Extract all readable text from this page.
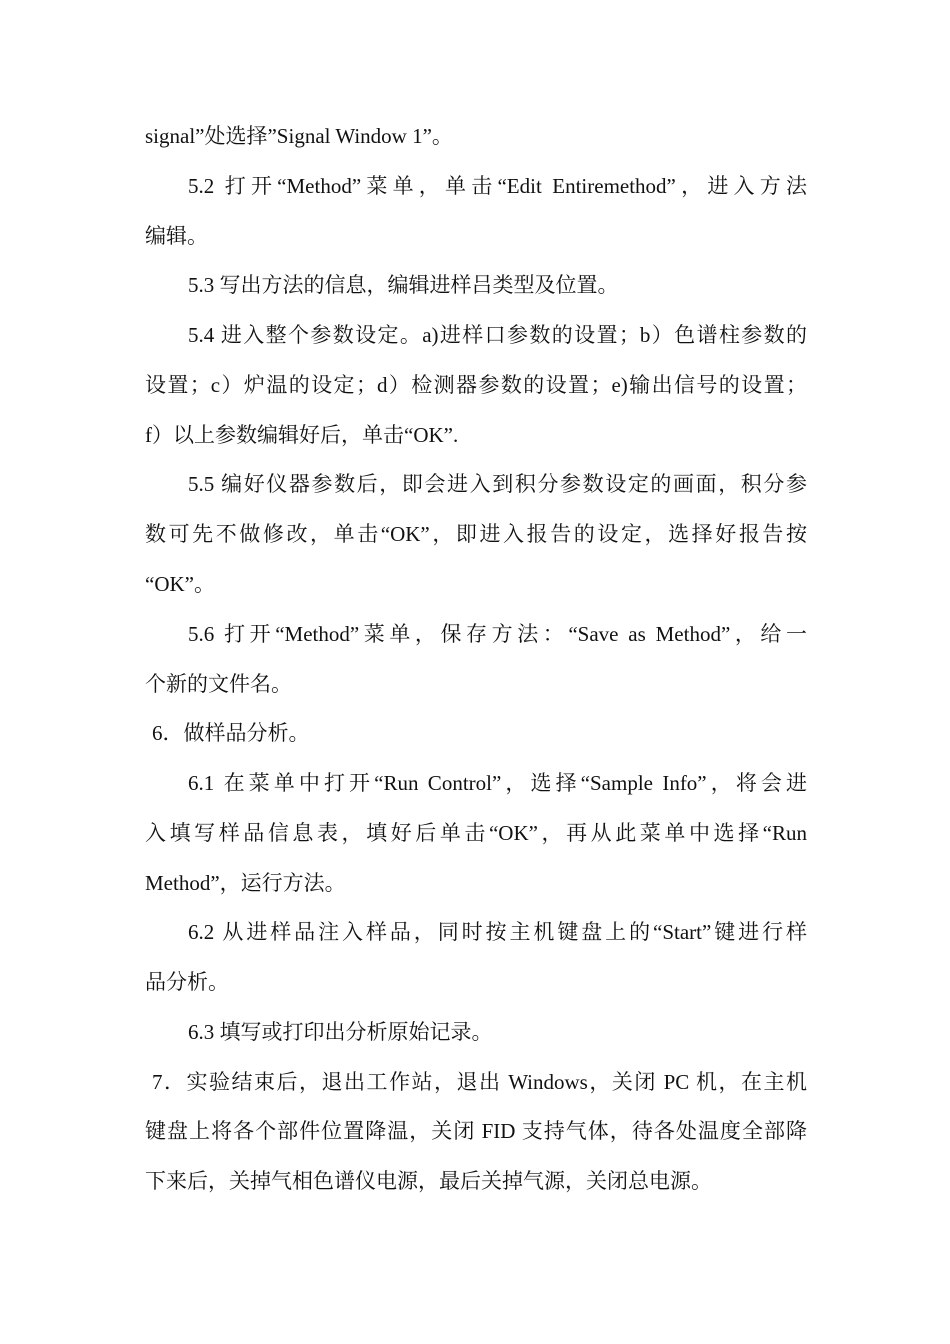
signal”处选择”Signal Window 1”。
5.2 打开“Method”菜单，单击“Edit Entiremethod”，进入方法
编辑。
5.3 写出方法的信息，编辑进样吕类型及位置。
5.4 进入整个参数设定。a)进样口参数的设置；b）色谱柱参数的
设置；c）炉温的设定；d）检测器参数的设置；e)输出信号的设置；
f）以上参数编辑好后，单击“OK”.
5.5 编好仪器参数后，即会进入到积分参数设定的画面，积分参
数可先不做修改，单击“OK”，即进入报告的设定，选择好报告按
“OK”。
5.6 打开“Method”菜单，保存方法：“Save as Method”，给一
个新的文件名。
6．做样品分析。
6.1 在菜单中打开“Run Control”，选择“Sample Info”，将会进
入填写样品信息表，填好后单击“OK”，再从此菜单中选择“Run
Method”，运行方法。
6.2 从进样品注入样品，同时按主机键盘上的“Start”键进行样
品分析。
6.3 填写或打印出分析原始记录。
7．实验结束后，退出工作站，退出 Windows，关闭 PC 机，在主机
键盘上将各个部件位置降温，关闭 FID 支持气体，待各处温度全部降
下来后，关掉气相色谱仪电源，最后关掉气源，关闭总电源。
